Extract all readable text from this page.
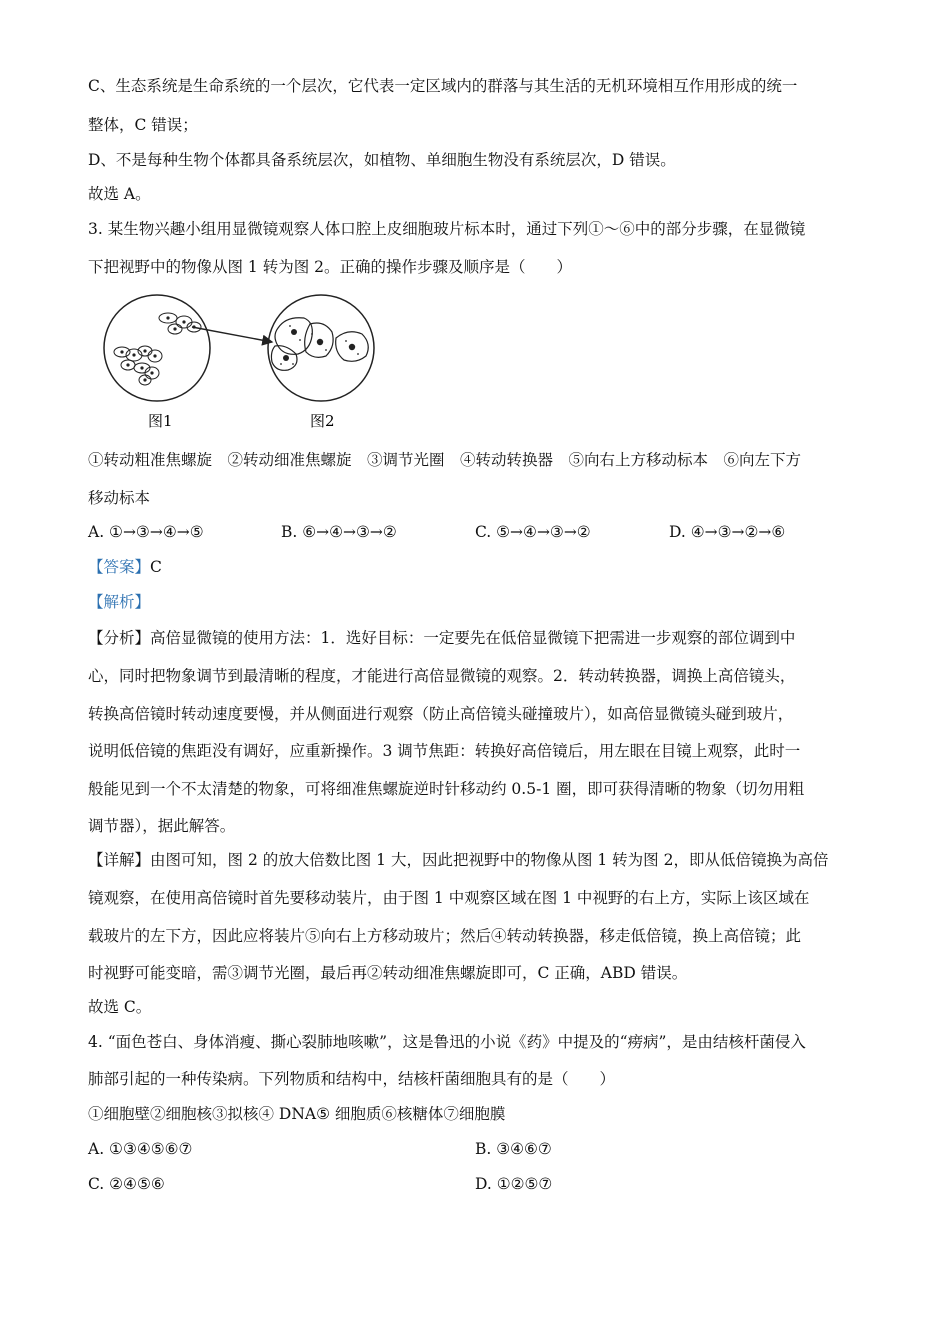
C、生态系统是生命系统的一个层次，它代表一定区域内的群落与其生活的无机环境相互作用形成的统一
整体，C 错误；
D、不是每种生物个体都具备系统层次，如植物、单细胞生物没有系统层次，D 错误。
故选 A。
3. 某生物兴趣小组用显微镜观察人体口腔上皮细胞玻片标本时，通过下列①～⑥中的部分步骤，在显微镜
下把视野中的物像从图 1 转为图 2。正确的操作步骤及顺序是（　　）
图1	图2
①转动粗准焦螺旋　②转动细准焦螺旋　③调节光圈　④转动转换器　⑤向右上方移动标本　⑥向左下方
移动标本
A. ①→③→④→⑤	B. ⑥→④→③→②	C. ⑤→④→③→②	D. ④→③→②→⑥
【答案】C
【解析】
【分析】高倍显微镜的使用方法：1．选好目标：一定要先在低倍显微镜下把需进一步观察的部位调到中
心，同时把物象调节到最清晰的程度，才能进行高倍显微镜的观察。2．转动转换器，调换上高倍镜头，
转换高倍镜时转动速度要慢，并从侧面进行观察（防止高倍镜头碰撞玻片），如高倍显微镜头碰到玻片，
说明低倍镜的焦距没有调好，应重新操作。3 调节焦距：转换好高倍镜后，用左眼在目镜上观察，此时一
般能见到一个不太清楚的物象，可将细准焦螺旋逆时针移动约 0.5-1 圈，即可获得清晰的物象（切勿用粗
调节器），据此解答。
【详解】由图可知，图 2 的放大倍数比图 1 大，因此把视野中的物像从图 1 转为图 2，即从低倍镜换为高倍
镜观察，在使用高倍镜时首先要移动装片，由于图 1 中观察区域在图 1 中视野的右上方，实际上该区域在
载玻片的左下方，因此应将装片⑤向右上方移动玻片；然后④转动转换器，移走低倍镜，换上高倍镜；此
时视野可能变暗，需③调节光圈，最后再②转动细准焦螺旋即可，C 正确，ABD 错误。
故选 C。
4. “面色苍白、身体消瘦、撕心裂肺地咳嗽”，这是鲁迅的小说《药》中提及的“痨病”，是由结核杆菌侵入
肺部引起的一种传染病。下列物质和结构中，结核杆菌细胞具有的是（　　）
①细胞壁②细胞核③拟核④ DNA⑤ 细胞质⑥核糖体⑦细胞膜
A. ①③④⑤⑥⑦	B. ③④⑥⑦
C. ②④⑤⑥	D. ①②⑤⑦
